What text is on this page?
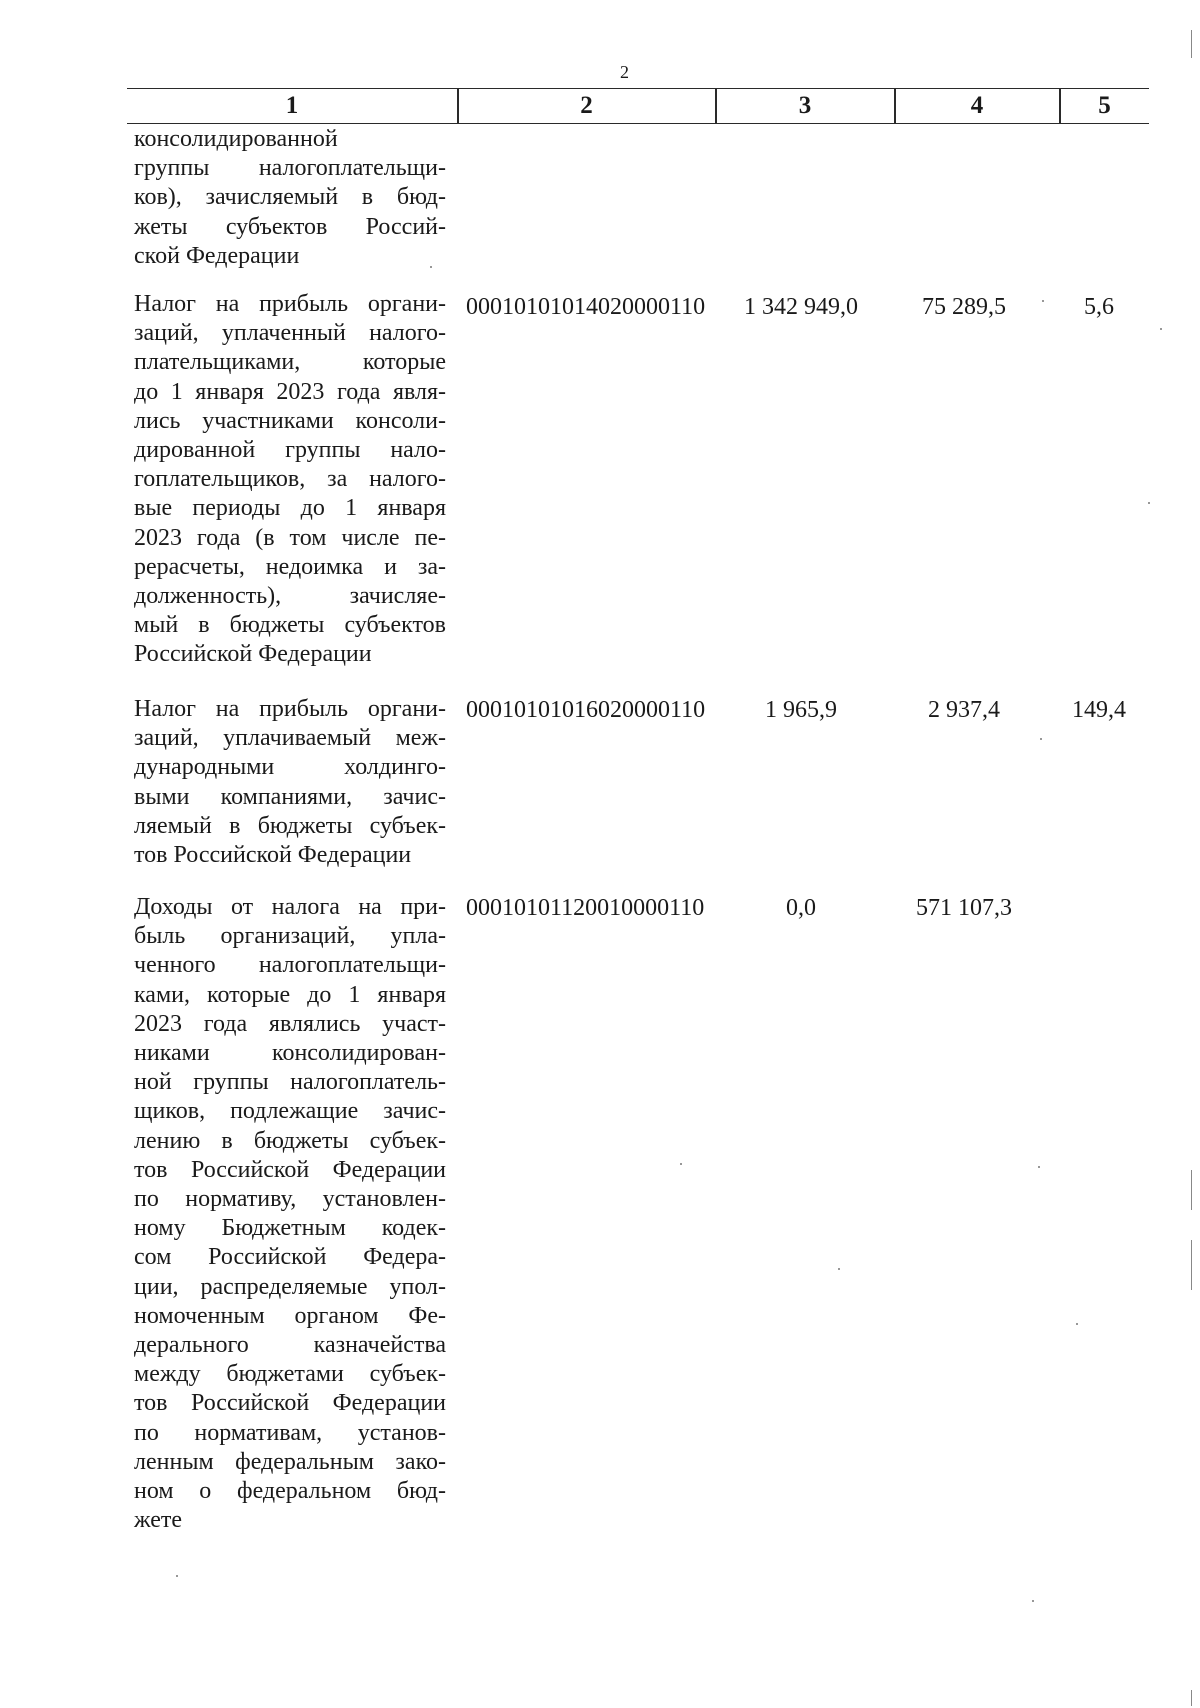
2
1	2	3	4	5
консолидированной
группы налогоплательщи-
ков), зачисляемый в бюд-
жеты субъектов Россий-
ской Федерации
Налог на прибыль органи-
заций, уплаченный налого-
плательщиками, которые
до 1 января 2023 года явля-
лись участниками консоли-
дированной группы нало-
гоплательщиков, за налого-
вые периоды до 1 января
2023 года (в том числе пе-
рерасчеты, недоимка и за-
долженность), зачисляе-
мый в бюджеты субъектов
Российской Федерации
00010101014020000110	1 342 949,0	75 289,5	5,6
Налог на прибыль органи-
заций, уплачиваемый меж-
дународными холдинго-
выми компаниями, зачис-
ляемый в бюджеты субъек-
тов Российской Федерации
00010101016020000110	1 965,9	2 937,4	149,4
Доходы от налога на при-
быль организаций, упла-
ченного налогоплательщи-
ками, которые до 1 января
2023 года являлись участ-
никами консолидирован-
ной группы налогоплатель-
щиков, подлежащие зачис-
лению в бюджеты субъек-
тов Российской Федерации
по нормативу, установлен-
ному Бюджетным кодек-
сом Российской Федера-
ции, распределяемые упол-
номоченным органом Фе-
дерального казначейства
между бюджетами субъек-
тов Российской Федерации
по нормативам, установ-
ленным федеральным зако-
ном о федеральном бюд-
жете
00010101120010000110	0,0	571 107,3
